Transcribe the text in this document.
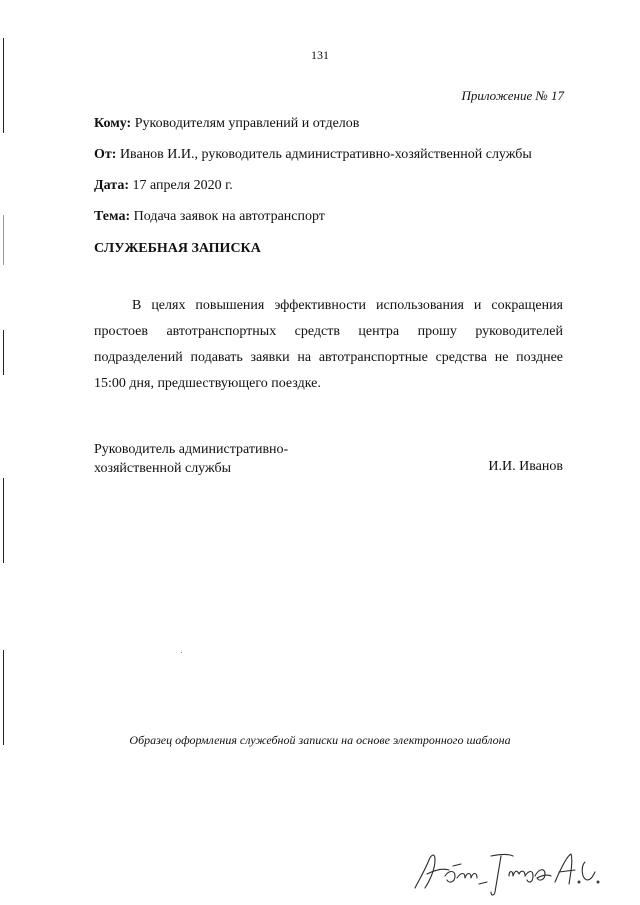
131
Приложение № 17
Кому: Руководителям управлений и отделов
От: Иванов И.И., руководитель административно-хозяйственной службы
Дата: 17 апреля 2020 г.
Тема: Подача заявок на автотранспорт
СЛУЖЕБНАЯ ЗАПИСКА

В целях повышения эффективности использования и сокращения простоев автотранспортных средств центра прошу руководителей подразделений подавать заявки на автотранспортные средства не позднее 15:00 дня, предшествующего поездке.

Руководитель административно-
хозяйственной службы	И.И. Иванов
Образец оформления служебной записки на основе электронного шаблона
